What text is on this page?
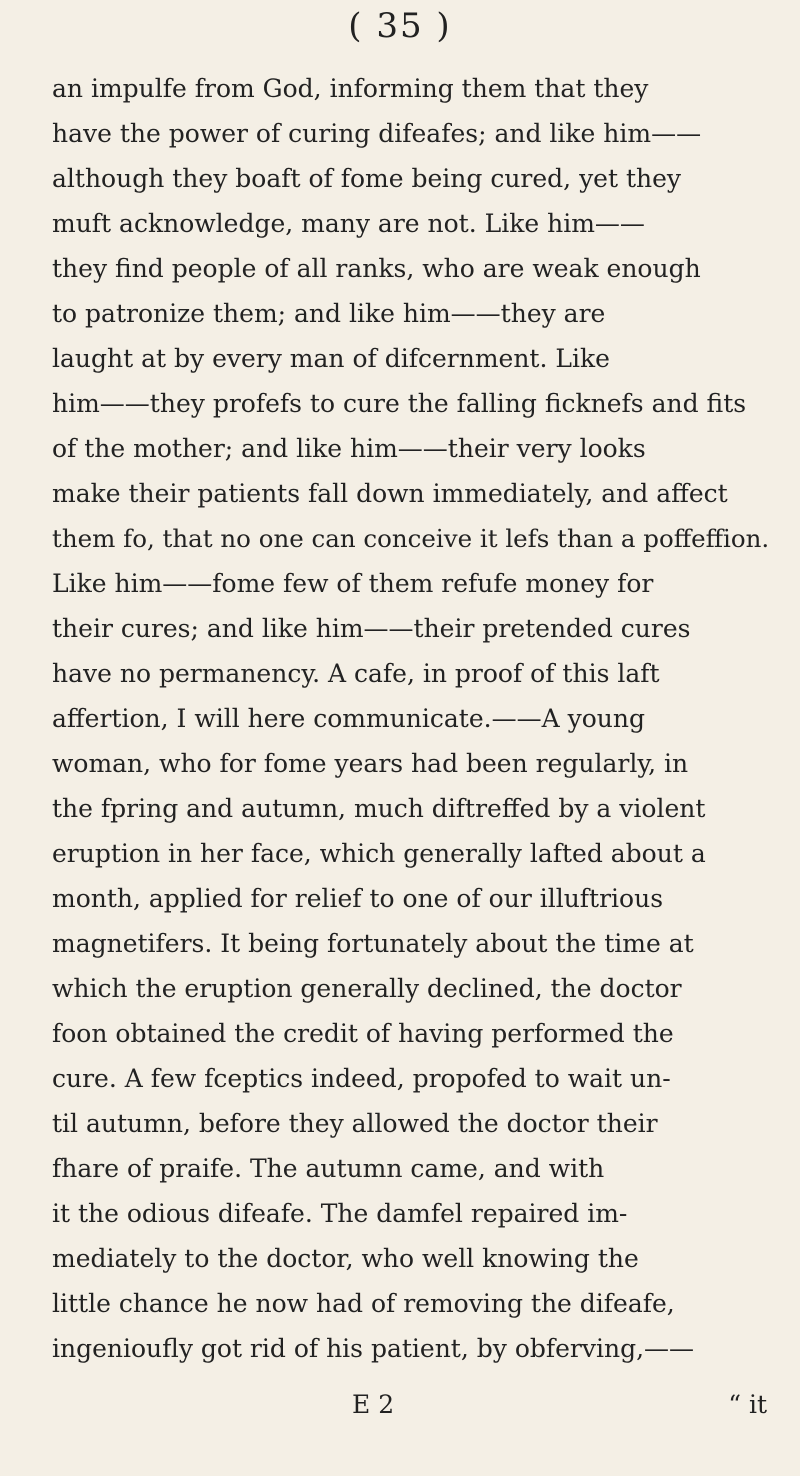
( 35 )
an impulfe from God, informing them that they
have the power of curing difeafes; and like him——
although they boaft of fome being cured, yet they
muft acknowledge, many are not. Like him——
they find people of all ranks, who are weak enough
to patronize them; and like him——they are
laught at by every man of difcernment. Like
him——they profefs to cure the falling ficknefs and fits
of the mother; and like him——their very looks
make their patients fall down immediately, and affect
them fo, that no one can conceive it lefs than a poffeffion.
Like him——fome few of them refufe money for
their cures; and like him——their pretended cures
have no permanency. A cafe, in proof of this laft
affertion, I will here communicate.——A young
woman, who for fome years had been regularly, in
the fpring and autumn, much diftreffed by a violent
eruption in her face, which generally lafted about a
month, applied for relief to one of our illuftrious
magnetifers. It being fortunately about the time at
which the eruption generally declined, the doctor
foon obtained the credit of having performed the
cure. A few fceptics indeed, propofed to wait un-
til autumn, before they allowed the doctor their
fhare of praife. The autumn came, and with
it the odious difeafe. The damfel repaired im-
mediately to the doctor, who well knowing the
little chance he now had of removing the difeafe,
ingenioufly got rid of his patient, by obferving,——
E 2	“ it
